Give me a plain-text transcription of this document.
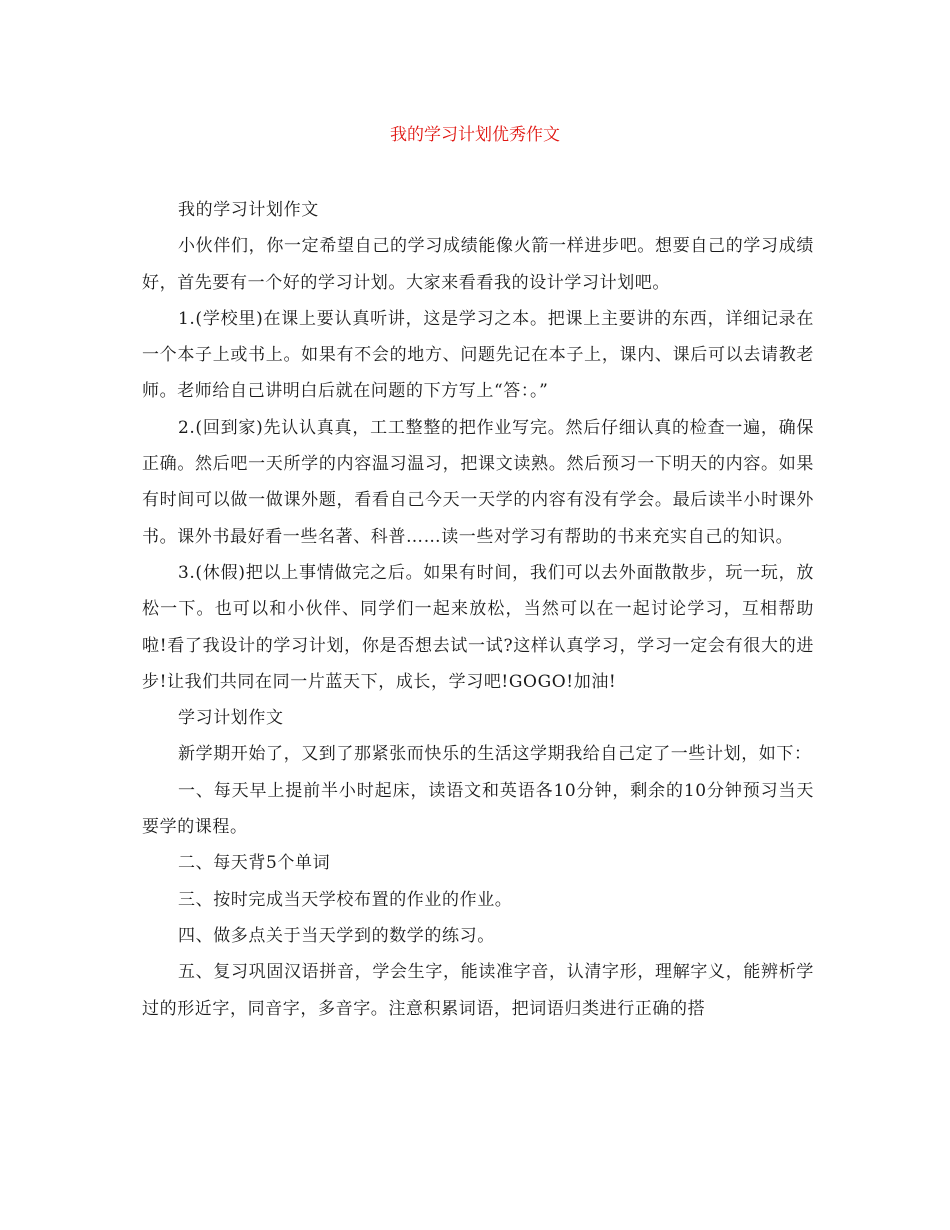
我的学习计划优秀作文

我的学习计划作文

小伙伴们，你一定希望自己的学习成绩能像火箭一样进步吧。想要自己的学习成绩好，首先要有一个好的学习计划。大家来看看我的设计学习计划吧。

1.(学校里)在课上要认真听讲，这是学习之本。把课上主要讲的东西，详细记录在一个本子上或书上。如果有不会的地方、问题先记在本子上，课内、课后可以去请教老师。老师给自己讲明白后就在问题的下方写上“答：。”

2.(回到家)先认认真真，工工整整的把作业写完。然后仔细认真的检查一遍，确保正确。然后吧一天所学的内容温习温习，把课文读熟。然后预习一下明天的内容。如果有时间可以做一做课外题，看看自己今天一天学的内容有没有学会。最后读半小时课外书。课外书最好看一些名著、科普……读一些对学习有帮助的书来充实自己的知识。

3.(休假)把以上事情做完之后。如果有时间，我们可以去外面散散步，玩一玩，放松一下。也可以和小伙伴、同学们一起来放松，当然可以在一起讨论学习，互相帮助啦!看了我设计的学习计划，你是否想去试一试?这样认真学习，学习一定会有很大的进步!让我们共同在同一片蓝天下，成长，学习吧!GOGO!加油!

学习计划作文

新学期开始了，又到了那紧张而快乐的生活这学期我给自己定了一些计划，如下：

一、每天早上提前半小时起床，读语文和英语各10分钟，剩余的10分钟预习当天要学的课程。

二、每天背5个单词

三、按时完成当天学校布置的作业的作业。

四、做多点关于当天学到的数学的练习。

五、复习巩固汉语拼音，学会生字，能读准字音，认清字形，理解字义，能辨析学过的形近字，同音字，多音字。注意积累词语，把词语归类进行正确的搭
